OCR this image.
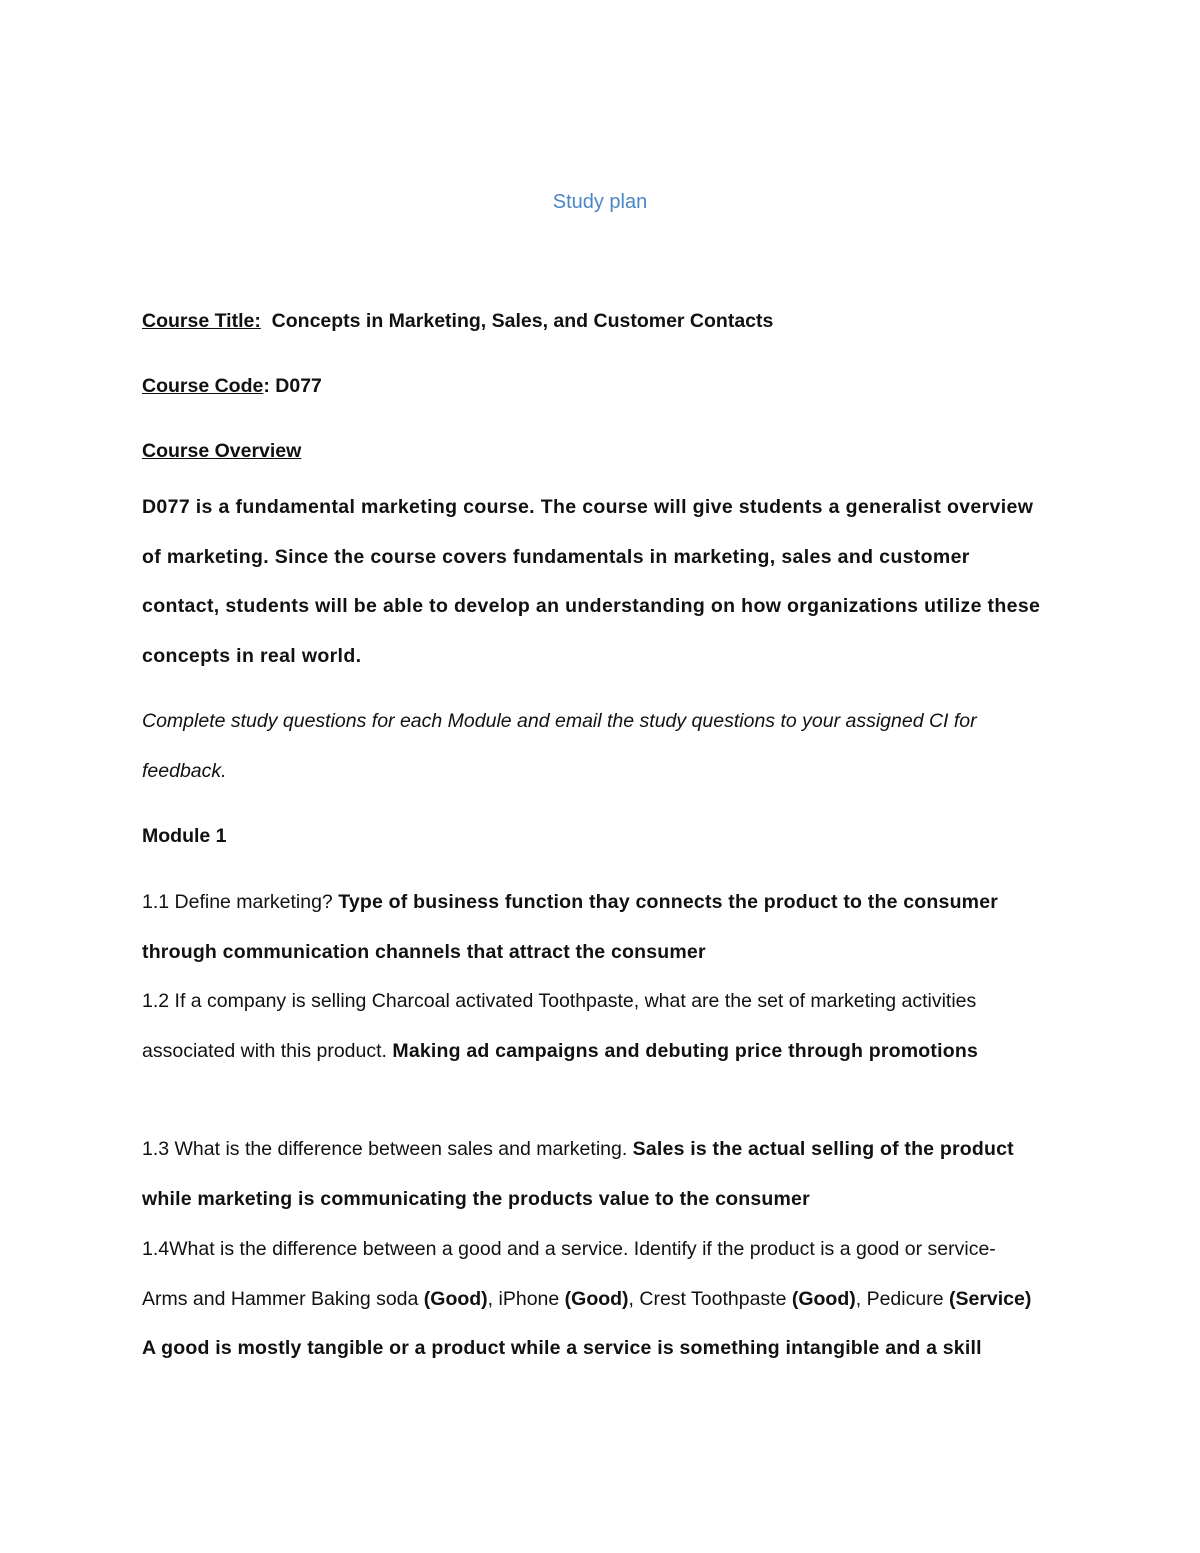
Study plan

Course Title: Concepts in Marketing, Sales, and Customer Contacts

Course Code: D077

Course Overview

D077 is a fundamental marketing course. The course will give students a generalist overview of marketing. Since the course covers fundamentals in marketing, sales and customer contact, students will be able to develop an understanding on how organizations utilize these concepts in real world.

Complete study questions for each Module and email the study questions to your assigned CI for feedback.

Module 1

1.1 Define marketing? Type of business function thay connects the product to the consumer through communication channels that attract the consumer

1.2 If a company is selling Charcoal activated Toothpaste, what are the set of marketing activities associated with this product. Making ad campaigns and debuting price through promotions

1.3 What is the difference between sales and marketing. Sales is the actual selling of the product while marketing is communicating the products value to the consumer

1.4What is the difference between a good and a service. Identify if the product is a good or service- Arms and Hammer Baking soda (Good), iPhone (Good), Crest Toothpaste (Good), Pedicure (Service) A good is mostly tangible or a product while a service is something intangible and a skill
